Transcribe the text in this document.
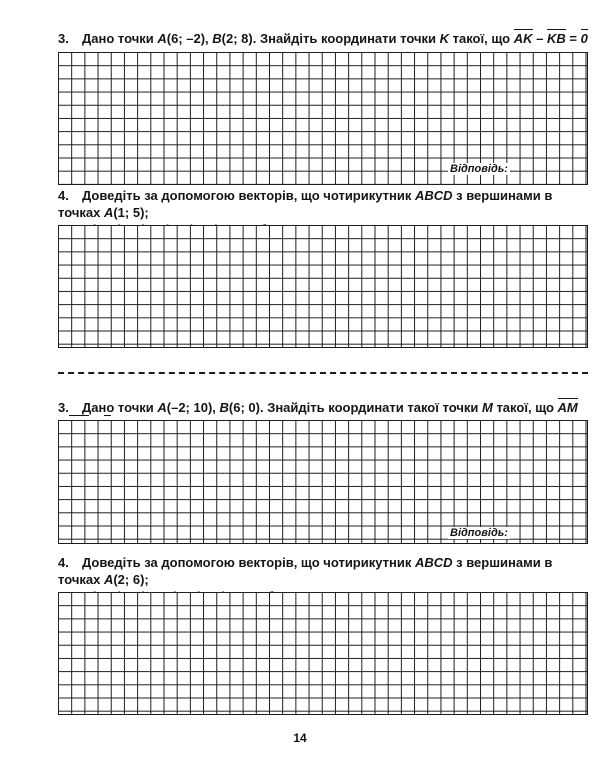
3. Дано точки A(6; –2), B(2; 8). Знайдіть координати точки K такої, що AK – KB = 0
Відповідь:
4. Доведіть за допомогою векторів, що чотирикутник ABCD з вершинами в точках A(1; 5);
3. Дано точки A(–2; 10), B(6; 0). Знайдіть координати такої точки M такої, що AM
Відповідь:
4. Доведіть за допомогою векторів, що чотирикутник ABCD з вершинами в точках A(2; 6);
14
